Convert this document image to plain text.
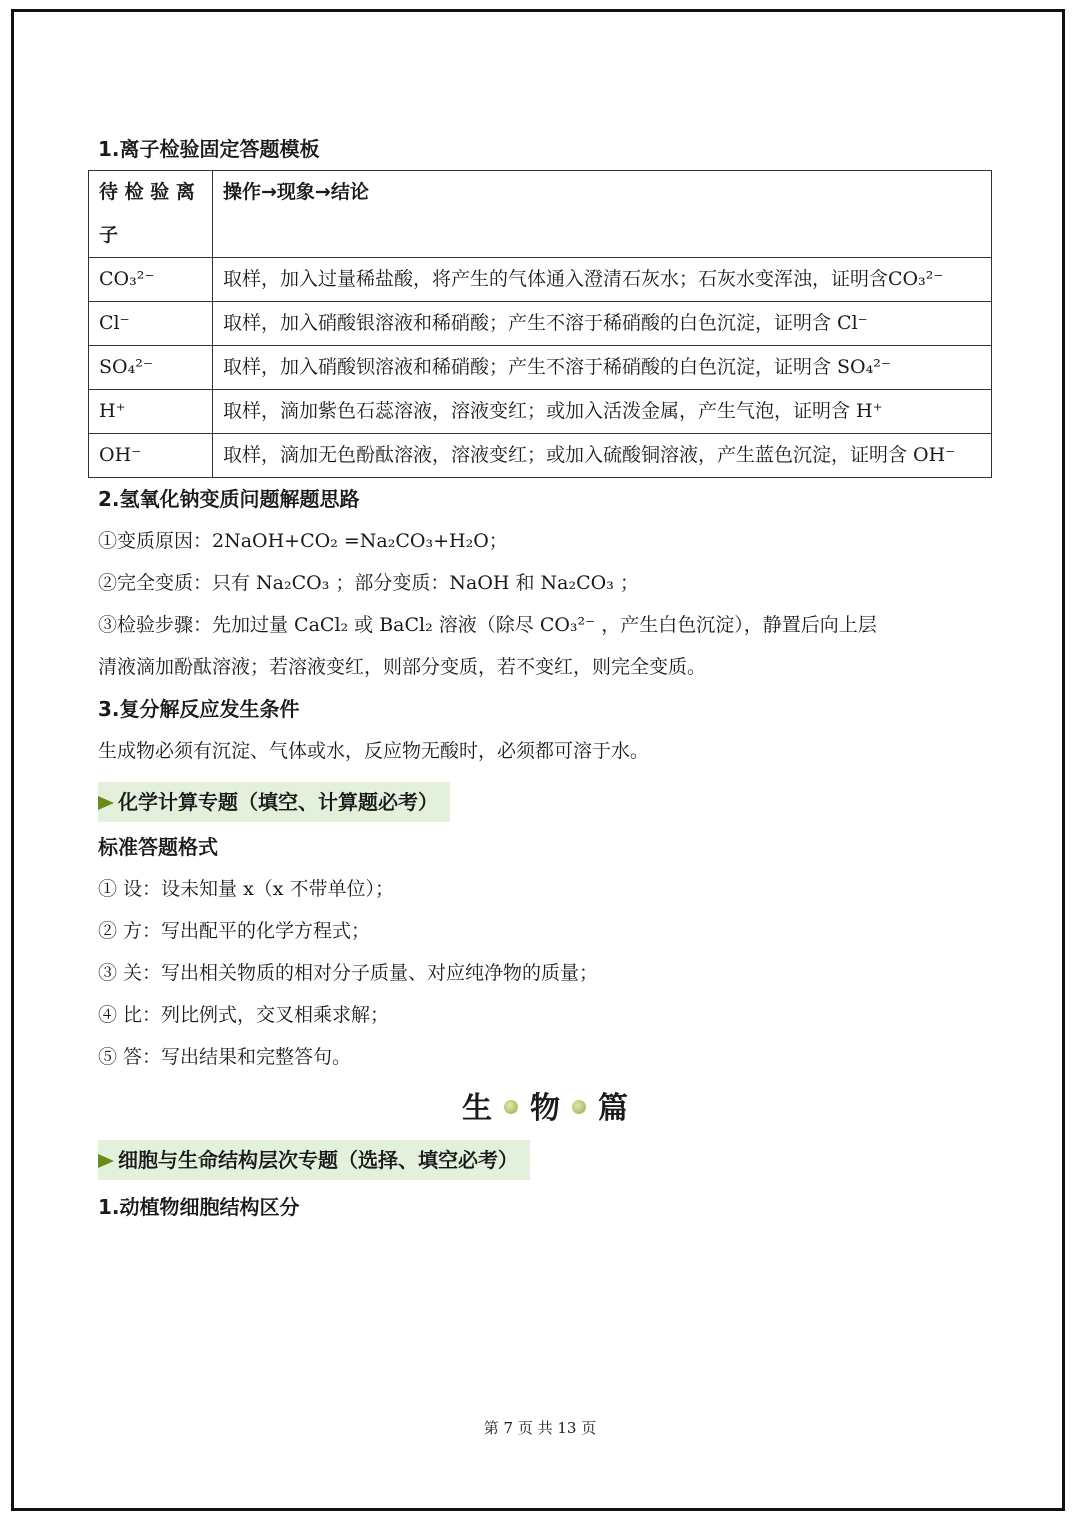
1.离子检验固定答题模板
待 检 验 离 子	操作→现象→结论
CO₃²⁻	取样，加入过量稀盐酸，将产生的气体通入澄清石灰水；石灰水变浑浊，证明含CO₃²⁻
Cl⁻	取样，加入硝酸银溶液和稀硝酸；产生不溶于稀硝酸的白色沉淀，证明含 Cl⁻
SO₄²⁻	取样，加入硝酸钡溶液和稀硝酸；产生不溶于稀硝酸的白色沉淀，证明含 SO₄²⁻
H⁺	取样，滴加紫色石蕊溶液，溶液变红；或加入活泼金属，产生气泡，证明含 H⁺
OH⁻	取样，滴加无色酚酞溶液，溶液变红；或加入硫酸铜溶液，产生蓝色沉淀，证明含 OH⁻
2.氢氧化钠变质问题解题思路
①变质原因：2NaOH+CO₂ =Na₂CO₃+H₂O；
②完全变质：只有 Na₂CO₃ ；部分变质：NaOH 和 Na₂CO₃ ；
③检验步骤：先加过量 CaCl₂ 或 BaCl₂ 溶液（除尽 CO₃²⁻ ，产生白色沉淀），静置后向上层
清液滴加酚酞溶液；若溶液变红，则部分变质，若不变红，则完全变质。
3.复分解反应发生条件
生成物必须有沉淀、气体或水，反应物无酸时，必须都可溶于水。
化学计算专题（填空、计算题必考）
标准答题格式
① 设：设未知量 x（x 不带单位）；
② 方：写出配平的化学方程式；
③ 关：写出相关物质的相对分子质量、对应纯净物的质量；
④ 比：列比例式，交叉相乘求解；
⑤ 答：写出结果和完整答句。
生 物 篇
细胞与生命结构层次专题（选择、填空必考）
1.动植物细胞结构区分
第 7 页 共 13 页
